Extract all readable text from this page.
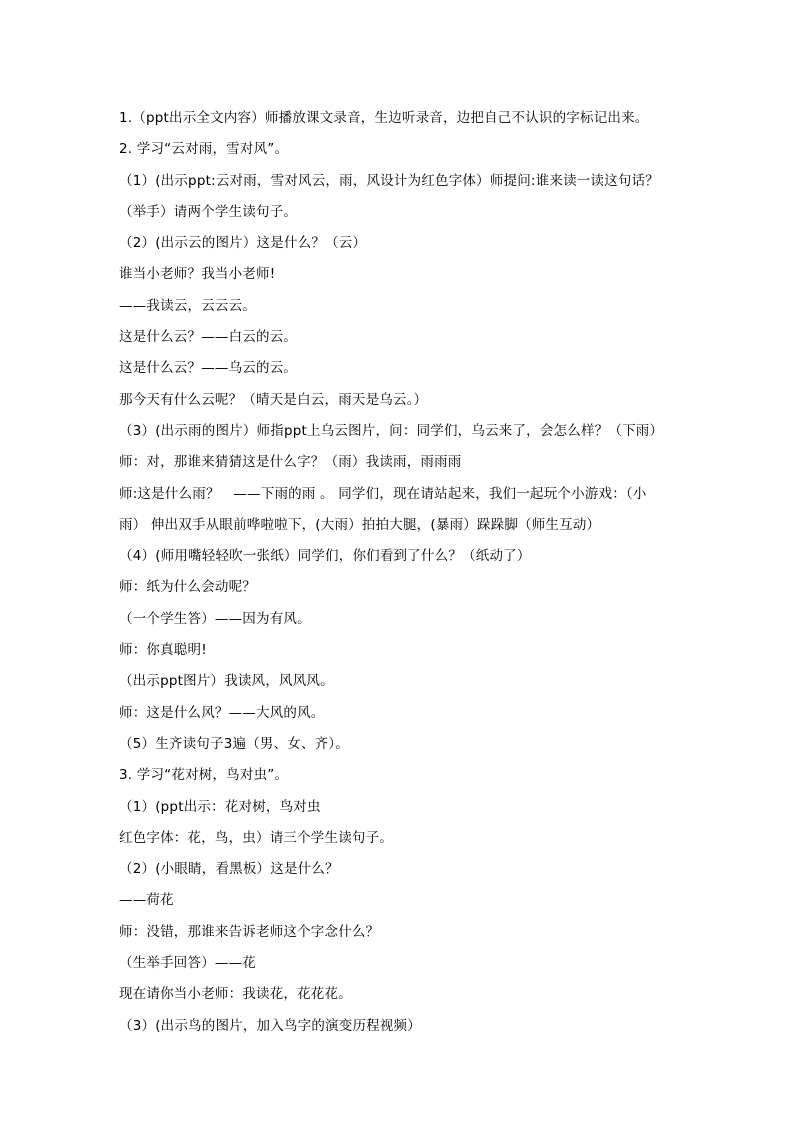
1.（ppt出示全文内容）师播放课文录音，生边听录音，边把自己不认识的字标记出来。
2. 学习“云对雨，雪对风”。
（1）(出示ppt:云对雨，雪对风云，雨，风设计为红色字体）师提问:谁来读一读这句话？
（举手）请两个学生读句子。
（2）(出示云的图片）这是什么？（云）
谁当小老师？我当小老师!
——我读云，云云云。
这是什么云？——白云的云。
这是什么云？——乌云的云。
那今天有什么云呢？（晴天是白云，雨天是乌云。）
（3）(出示雨的图片）师指ppt上乌云图片，问：同学们，乌云来了，会怎么样？（下雨）
师：对，那谁来猜猜这是什么字？（雨）我读雨，雨雨雨
师:这是什么雨？　——下雨的雨 。 同学们，现在请站起来，我们一起玩个小游戏：（小
雨） 伸出双手从眼前哗啦啦下，(大雨）拍拍大腿，(暴雨）跺跺脚（师生互动）
（4）(师用嘴轻轻吹一张纸）同学们，你们看到了什么？（纸动了）
师：纸为什么会动呢？
（一个学生答）——因为有风。
师：你真聪明!
（出示ppt图片）我读风，风风风。
师：这是什么风？——大风的风。
（5）生齐读句子3遍（男、女、齐）。
3. 学习“花对树，鸟对虫”。
（1）(ppt出示：花对树，鸟对虫
红色字体：花，鸟，虫）请三个学生读句子。
（2）(小眼睛，看黑板）这是什么？
——荷花
师：没错，那谁来告诉老师这个字念什么？
（生举手回答）——花
现在请你当小老师：我读花，花花花。
（3）(出示鸟的图片，加入鸟字的演变历程视频）
